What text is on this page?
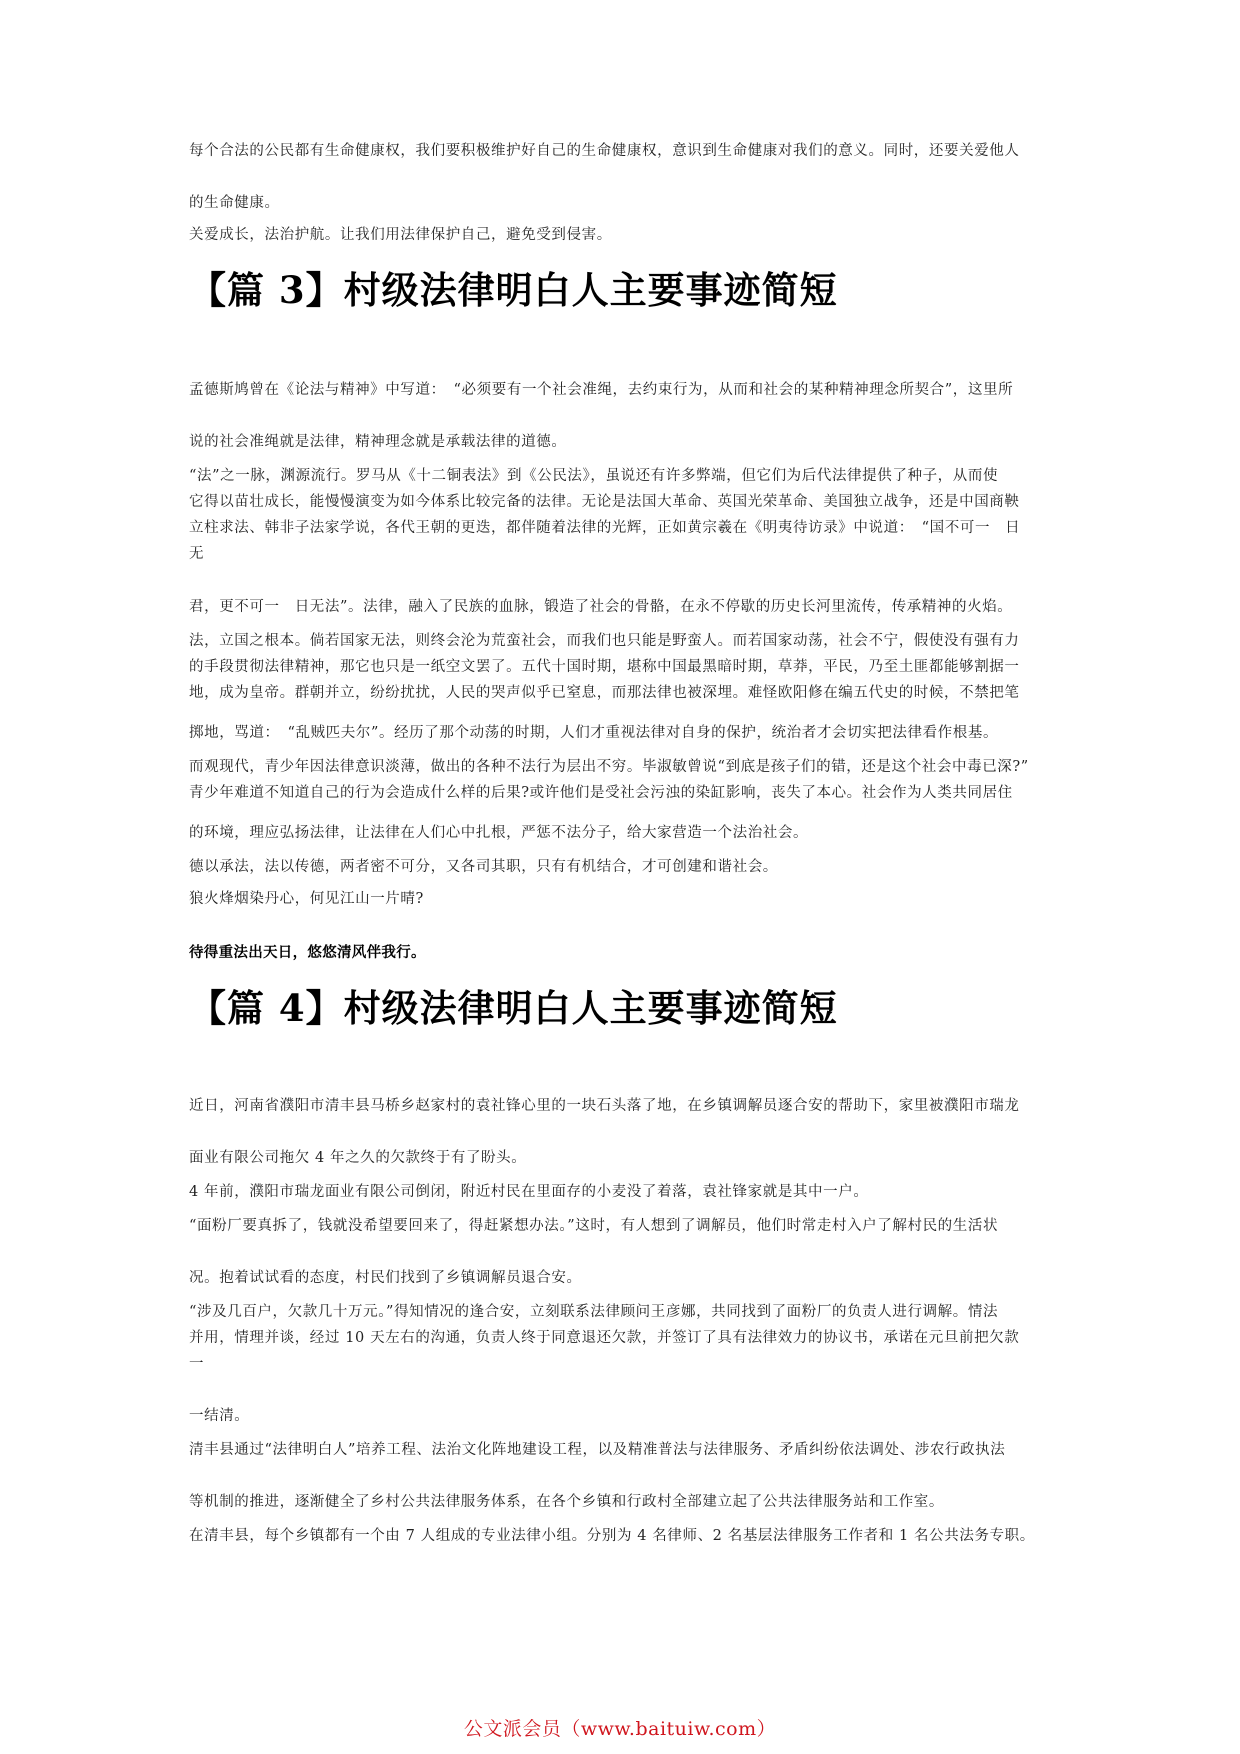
每个合法的公民都有生命健康权，我们要积极维护好自己的生命健康权，意识到生命健康对我们的意义。同时，还要关爱他人
的生命健康。
关爱成长，法治护航。让我们用法律保护自己，避免受到侵害。
【篇 3】村级法律明白人主要事迹简短
孟德斯鸠曾在《论法与精神》中写道：　“必须要有一个社会准绳，去约束行为，从而和社会的某种精神理念所契合”，这里所
说的社会准绳就是法律，精神理念就是承载法律的道德。
“法”之一脉，渊源流行。罗马从《十二铜表法》到《公民法》，虽说还有许多弊端，但它们为后代法律提供了种子，从而使
它得以苗壮成长，能慢慢演变为如今体系比较完备的法律。无论是法国大革命、英国光荣革命、美国独立战争，还是中国商鞅
立柱求法、韩非子法家学说，各代王朝的更迭，都伴随着法律的光辉，正如黄宗羲在《明夷待访录》中说道：　“国不可一　日
无
君，更不可一　日无法”。法律，融入了民族的血脉，锻造了社会的骨骼，在永不停歇的历史长河里流传，传承精神的火焰。
法，立国之根本。倘若国家无法，则终会沦为荒蛮社会，而我们也只能是野蛮人。而若国家动荡，社会不宁，假使没有强有力
的手段贯彻法律精神，那它也只是一纸空文罢了。五代十国时期，堪称中国最黑暗时期，草莽，平民，乃至土匪都能够割据一
地，成为皇帝。群朝并立，纷纷扰扰，人民的哭声似乎已窒息，而那法律也被深埋。难怪欧阳修在编五代史的时候，不禁把笔
掷地，骂道：　“乱贼匹夫尔”。经历了那个动荡的时期，人们才重视法律对自身的保护，统治者才会切实把法律看作根基。
而观现代，青少年因法律意识淡薄，做出的各种不法行为层出不穷。毕淑敏曾说“到底是孩子们的错，还是这个社会中毒已深?”
青少年难道不知道自己的行为会造成什么样的后果?或许他们是受社会污浊的染缸影响，丧失了本心。社会作为人类共同居住
的环境，理应弘扬法律，让法律在人们心中扎根，严惩不法分子，给大家营造一个法治社会。
德以承法，法以传德，两者密不可分，又各司其职，只有有机结合，才可创建和谐社会。
狼火烽烟染丹心，何见江山一片晴?
待得重法出天日，悠悠清风伴我行。
【篇 4】村级法律明白人主要事迹简短
近日，河南省濮阳市清丰县马桥乡赵家村的袁社锋心里的一块石头落了地，在乡镇调解员逐合安的帮助下，家里被濮阳市瑞龙
面业有限公司拖欠 4 年之久的欠款终于有了盼头。
4 年前，濮阳市瑞龙面业有限公司倒闭，附近村民在里面存的小麦没了着落，袁社锋家就是其中一户。
“面粉厂要真拆了，钱就没希望要回来了，得赶紧想办法。”这时，有人想到了调解员，他们时常走村入户了解村民的生活状
况。抱着试试看的态度，村民们找到了乡镇调解员退合安。
“涉及几百户，欠款几十万元。”得知情况的逢合安，立刻联系法律顾问王彦娜，共同找到了面粉厂的负责人进行调解。情法
并用，情理并谈，经过 10 天左右的沟通，负责人终于同意退还欠款，并签订了具有法律效力的协议书，承诺在元旦前把欠款
一
一结清。
清丰县通过“法律明白人”培养工程、法治文化阵地建设工程，以及精准普法与法律服务、矛盾纠纷依法调处、涉农行政执法
等机制的推进，逐渐健全了乡村公共法律服务体系，在各个乡镇和行政村全部建立起了公共法律服务站和工作室。
在清丰县，每个乡镇都有一个由 7 人组成的专业法律小组。分别为 4 名律师、2 名基层法律服务工作者和 1 名公共法务专职。
公文派会员（www.baituiw.com）
